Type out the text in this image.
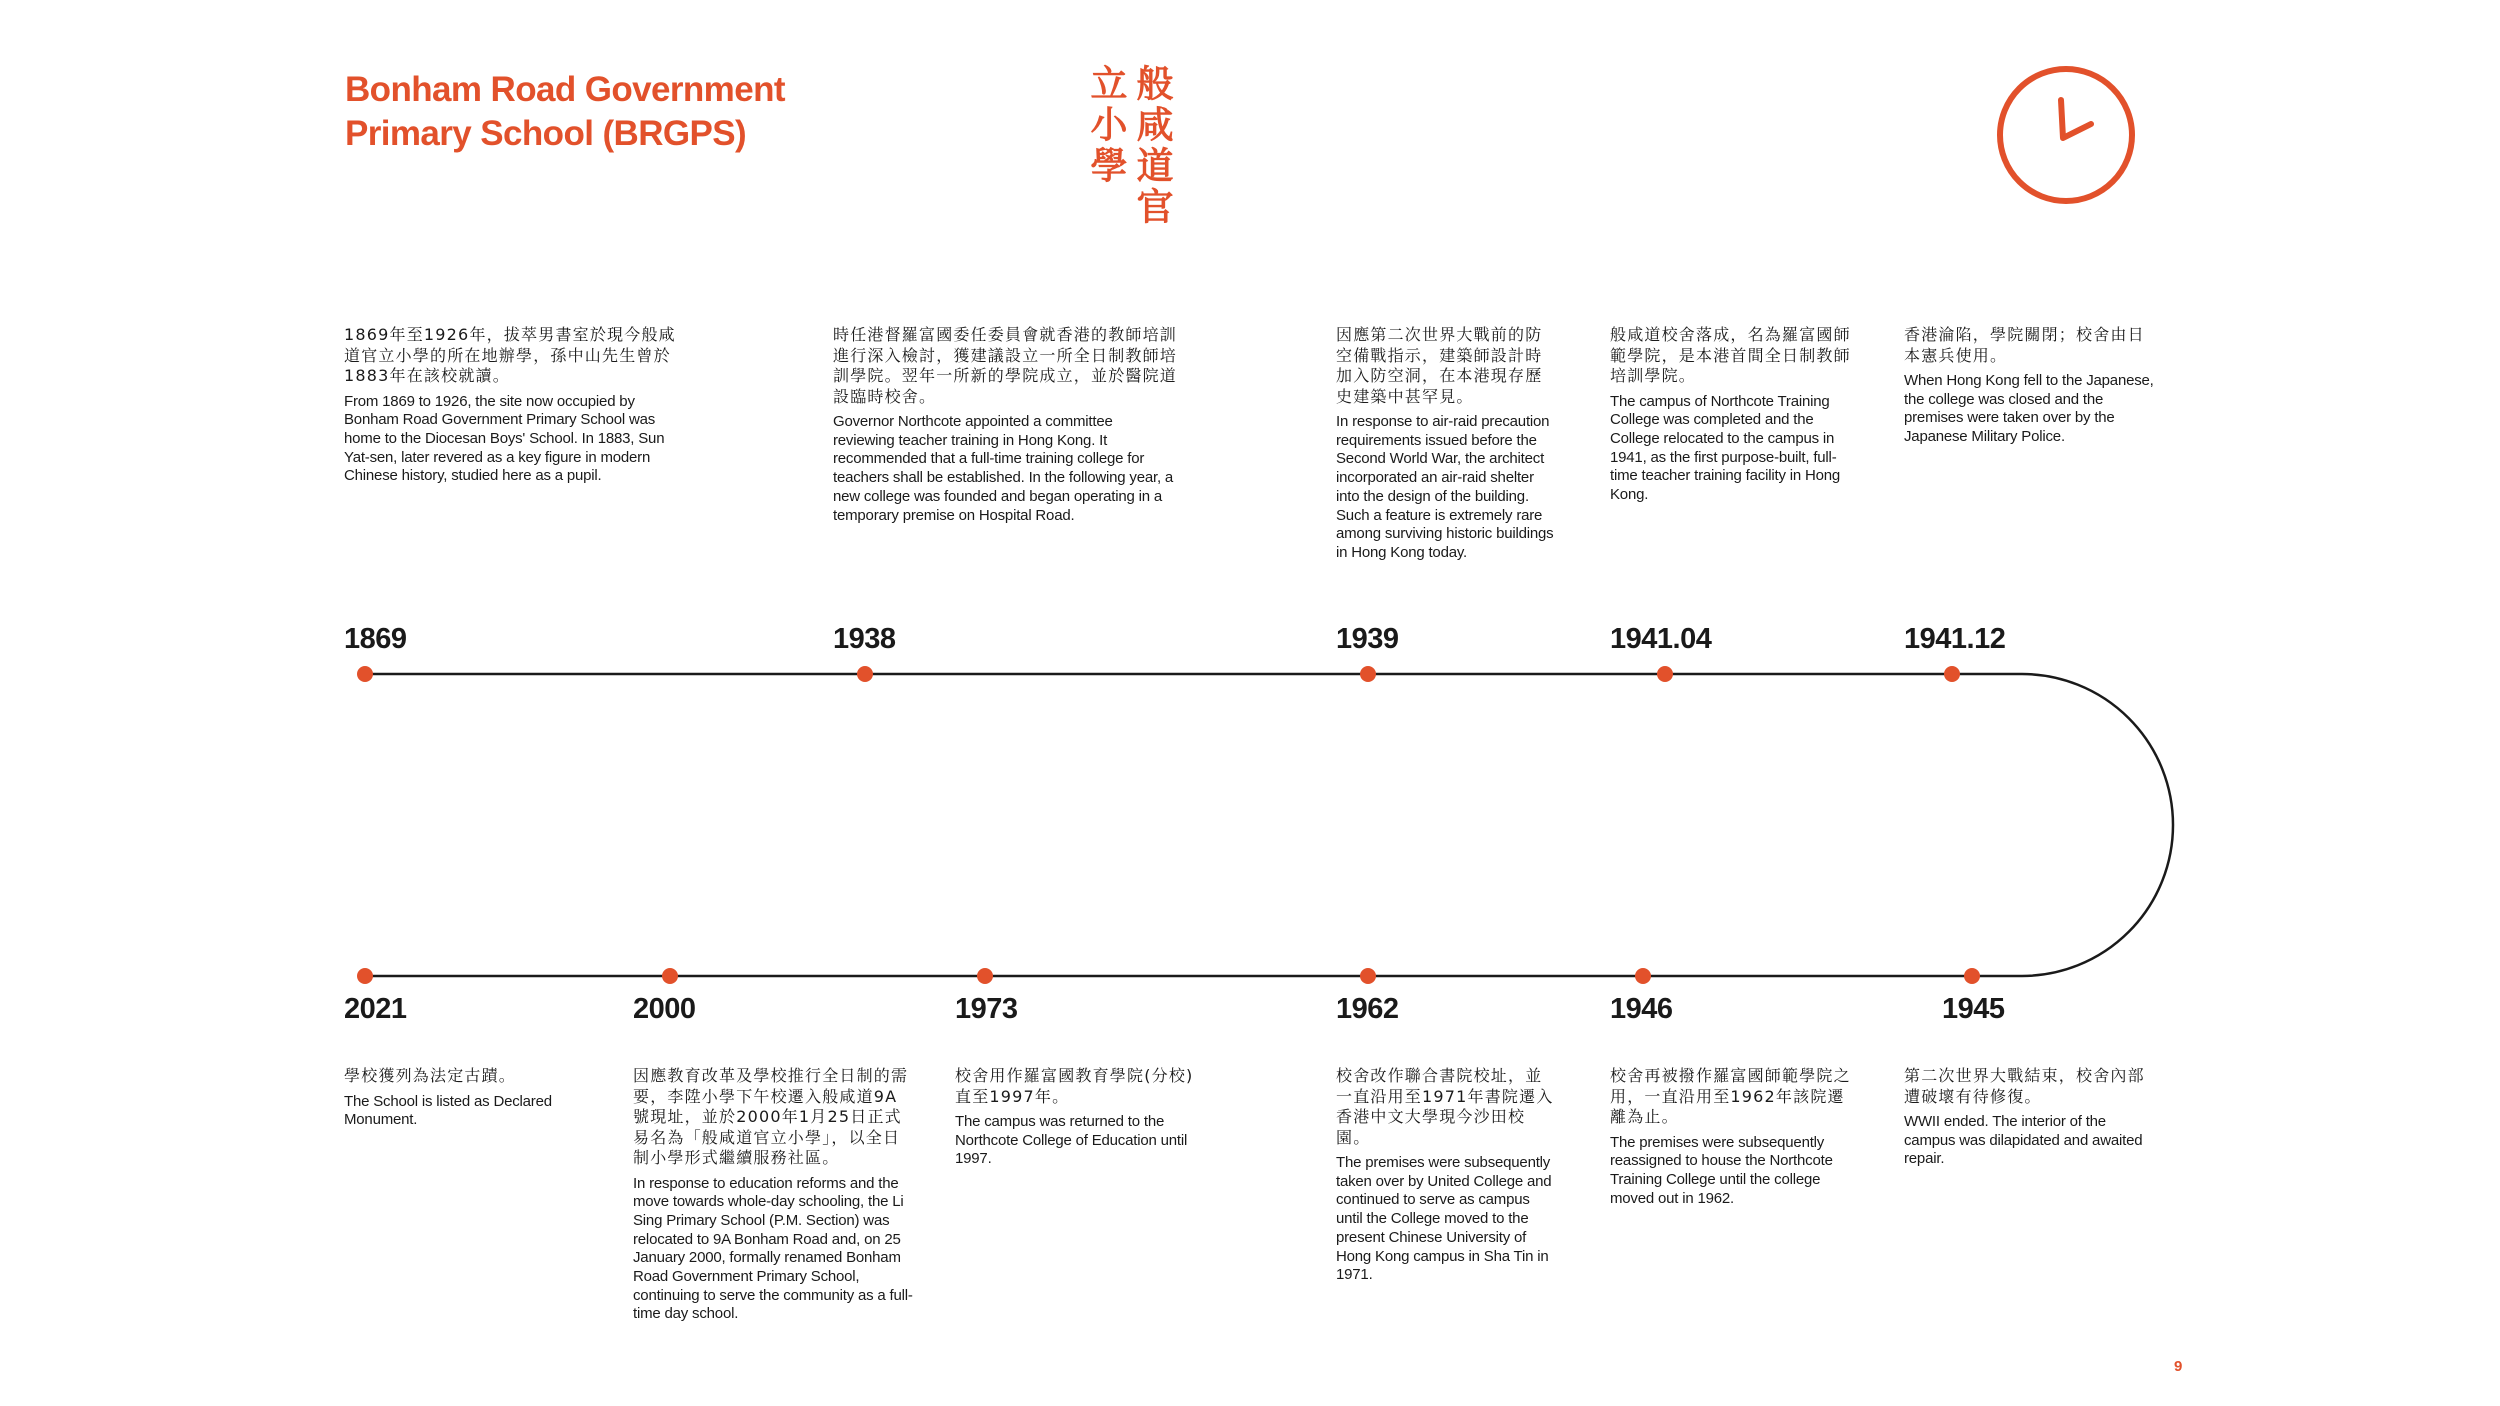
Bonham Road Government Primary School (BRGPS)	般咸道官立小學

1869年至1926年，拔萃男書室於現今般咸道官立小學的所在地辦學，孫中山先生曾於1883年在該校就讀。

From 1869 to 1926, the site now occupied by Bonham Road Government Primary School was home to the Diocesan Boys' School. In 1883, Sun Yat-sen, later revered as a key figure in modern Chinese history, studied here as a pupil.

1869

時任港督羅富國委任委員會就香港的教師培訓進行深入檢討，獲建議設立一所全日制教師培訓學院。翌年一所新的學院成立，並於醫院道設臨時校舍。

Governor Northcote appointed a committee reviewing teacher training in Hong Kong. It recommended that a full-time training college for teachers shall be established. In the following year, a new college was founded and began operating in a temporary premise on Hospital Road.

1938

因應第二次世界大戰前的防空備戰指示，建築師設計時加入防空洞，在本港現存歷史建築中甚罕見。

In response to air-raid precaution requirements issued before the Second World War, the architect incorporated an air-raid shelter into the design of the building. Such a feature is extremely rare among surviving historic buildings in Hong Kong today.

1939

般咸道校舍落成，名為羅富國師範學院，是本港首間全日制教師培訓學院。

The campus of Northcote Training College was completed and the College relocated to the campus in 1941, as the first purpose-built, full-time teacher training facility in Hong Kong.

1941.04

香港淪陷，學院關閉；校舍由日本憲兵使用。

When Hong Kong fell to the Japanese, the college was closed and the premises were taken over by the Japanese Military Police.

1941.12
1945
1946
1962
1973
2000
2021

第二次世界大戰結束，校舍內部遭破壞有待修復。

WWII ended. The interior of the campus was dilapidated and awaited repair.

校舍再被撥作羅富國師範學院之用，一直沿用至1962年該院遷離為止。

The premises were subsequently reassigned to house the Northcote Training College until the college moved out in 1962.

校舍改作聯合書院校址，並一直沿用至1971年書院遷入香港中文大學現今沙田校園。

The premises were subsequently taken over by United College and continued to serve as campus until the College moved to the present Chinese University of Hong Kong campus in Sha Tin in 1971.

校舍用作羅富國教育學院(分校)直至1997年。

The campus was returned to the Northcote College of Education until 1997.

因應教育改革及學校推行全日制的需要，李陞小學下午校遷入般咸道9A號現址，並於2000年1月25日正式易名為「般咸道官立小學」，以全日制小學形式繼續服務社區。

In response to education reforms and the move towards whole-day schooling, the Li Sing Primary School (P.M. Section) was relocated to 9A Bonham Road and, on 25 January 2000, formally renamed Bonham Road Government Primary School, continuing to serve the community as a full-time day school.

學校獲列為法定古蹟。

The School is listed as Declared Monument.

9
